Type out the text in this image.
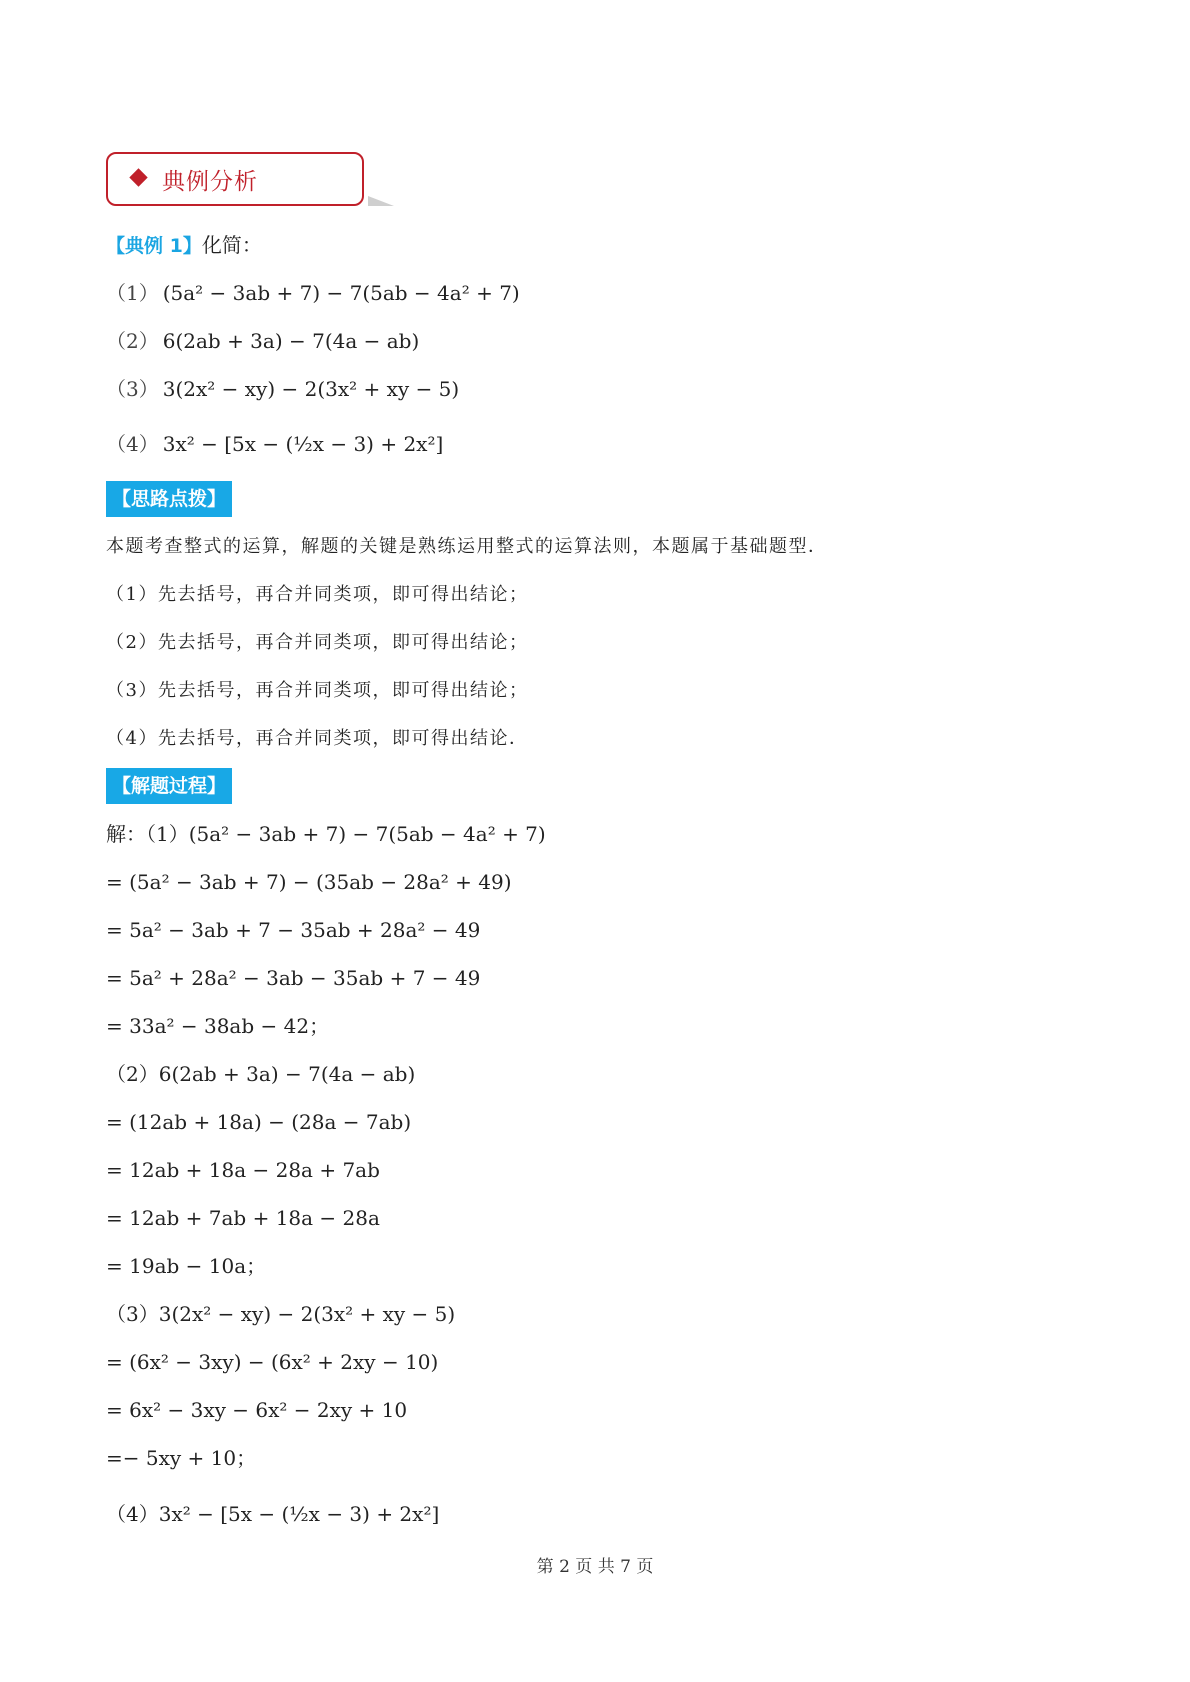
典例分析
【典例 1】化简：
（1） (5a² − 3ab + 7) − 7(5ab − 4a² + 7)
（2） 6(2ab + 3a) − 7(4a − ab)
（3） 3(2x² − xy) − 2(3x² + xy − 5)
（4） 3x² − [5x − (½x − 3) + 2x²]
【思路点拨】
本题考查整式的运算，解题的关键是熟练运用整式的运算法则，本题属于基础题型．
（1）先去括号，再合并同类项，即可得出结论；
（2）先去括号，再合并同类项，即可得出结论；
（3）先去括号，再合并同类项，即可得出结论；
（4）先去括号，再合并同类项，即可得出结论．
【解题过程】
解：（1）(5a² − 3ab + 7) − 7(5ab − 4a² + 7)
= (5a² − 3ab + 7) − (35ab − 28a² + 49)
= 5a² − 3ab + 7 − 35ab + 28a² − 49
= 5a² + 28a² − 3ab − 35ab + 7 − 49
= 33a² − 38ab − 42；
（2）6(2ab + 3a) − 7(4a − ab)
= (12ab + 18a) − (28a − 7ab)
= 12ab + 18a − 28a + 7ab
= 12ab + 7ab + 18a − 28a
= 19ab − 10a；
（3）3(2x² − xy) − 2(3x² + xy − 5)
= (6x² − 3xy) − (6x² + 2xy − 10)
= 6x² − 3xy − 6x² − 2xy + 10
=− 5xy + 10；
（4）3x² − [5x − (½x − 3) + 2x²]
第 2 页 共 7 页
